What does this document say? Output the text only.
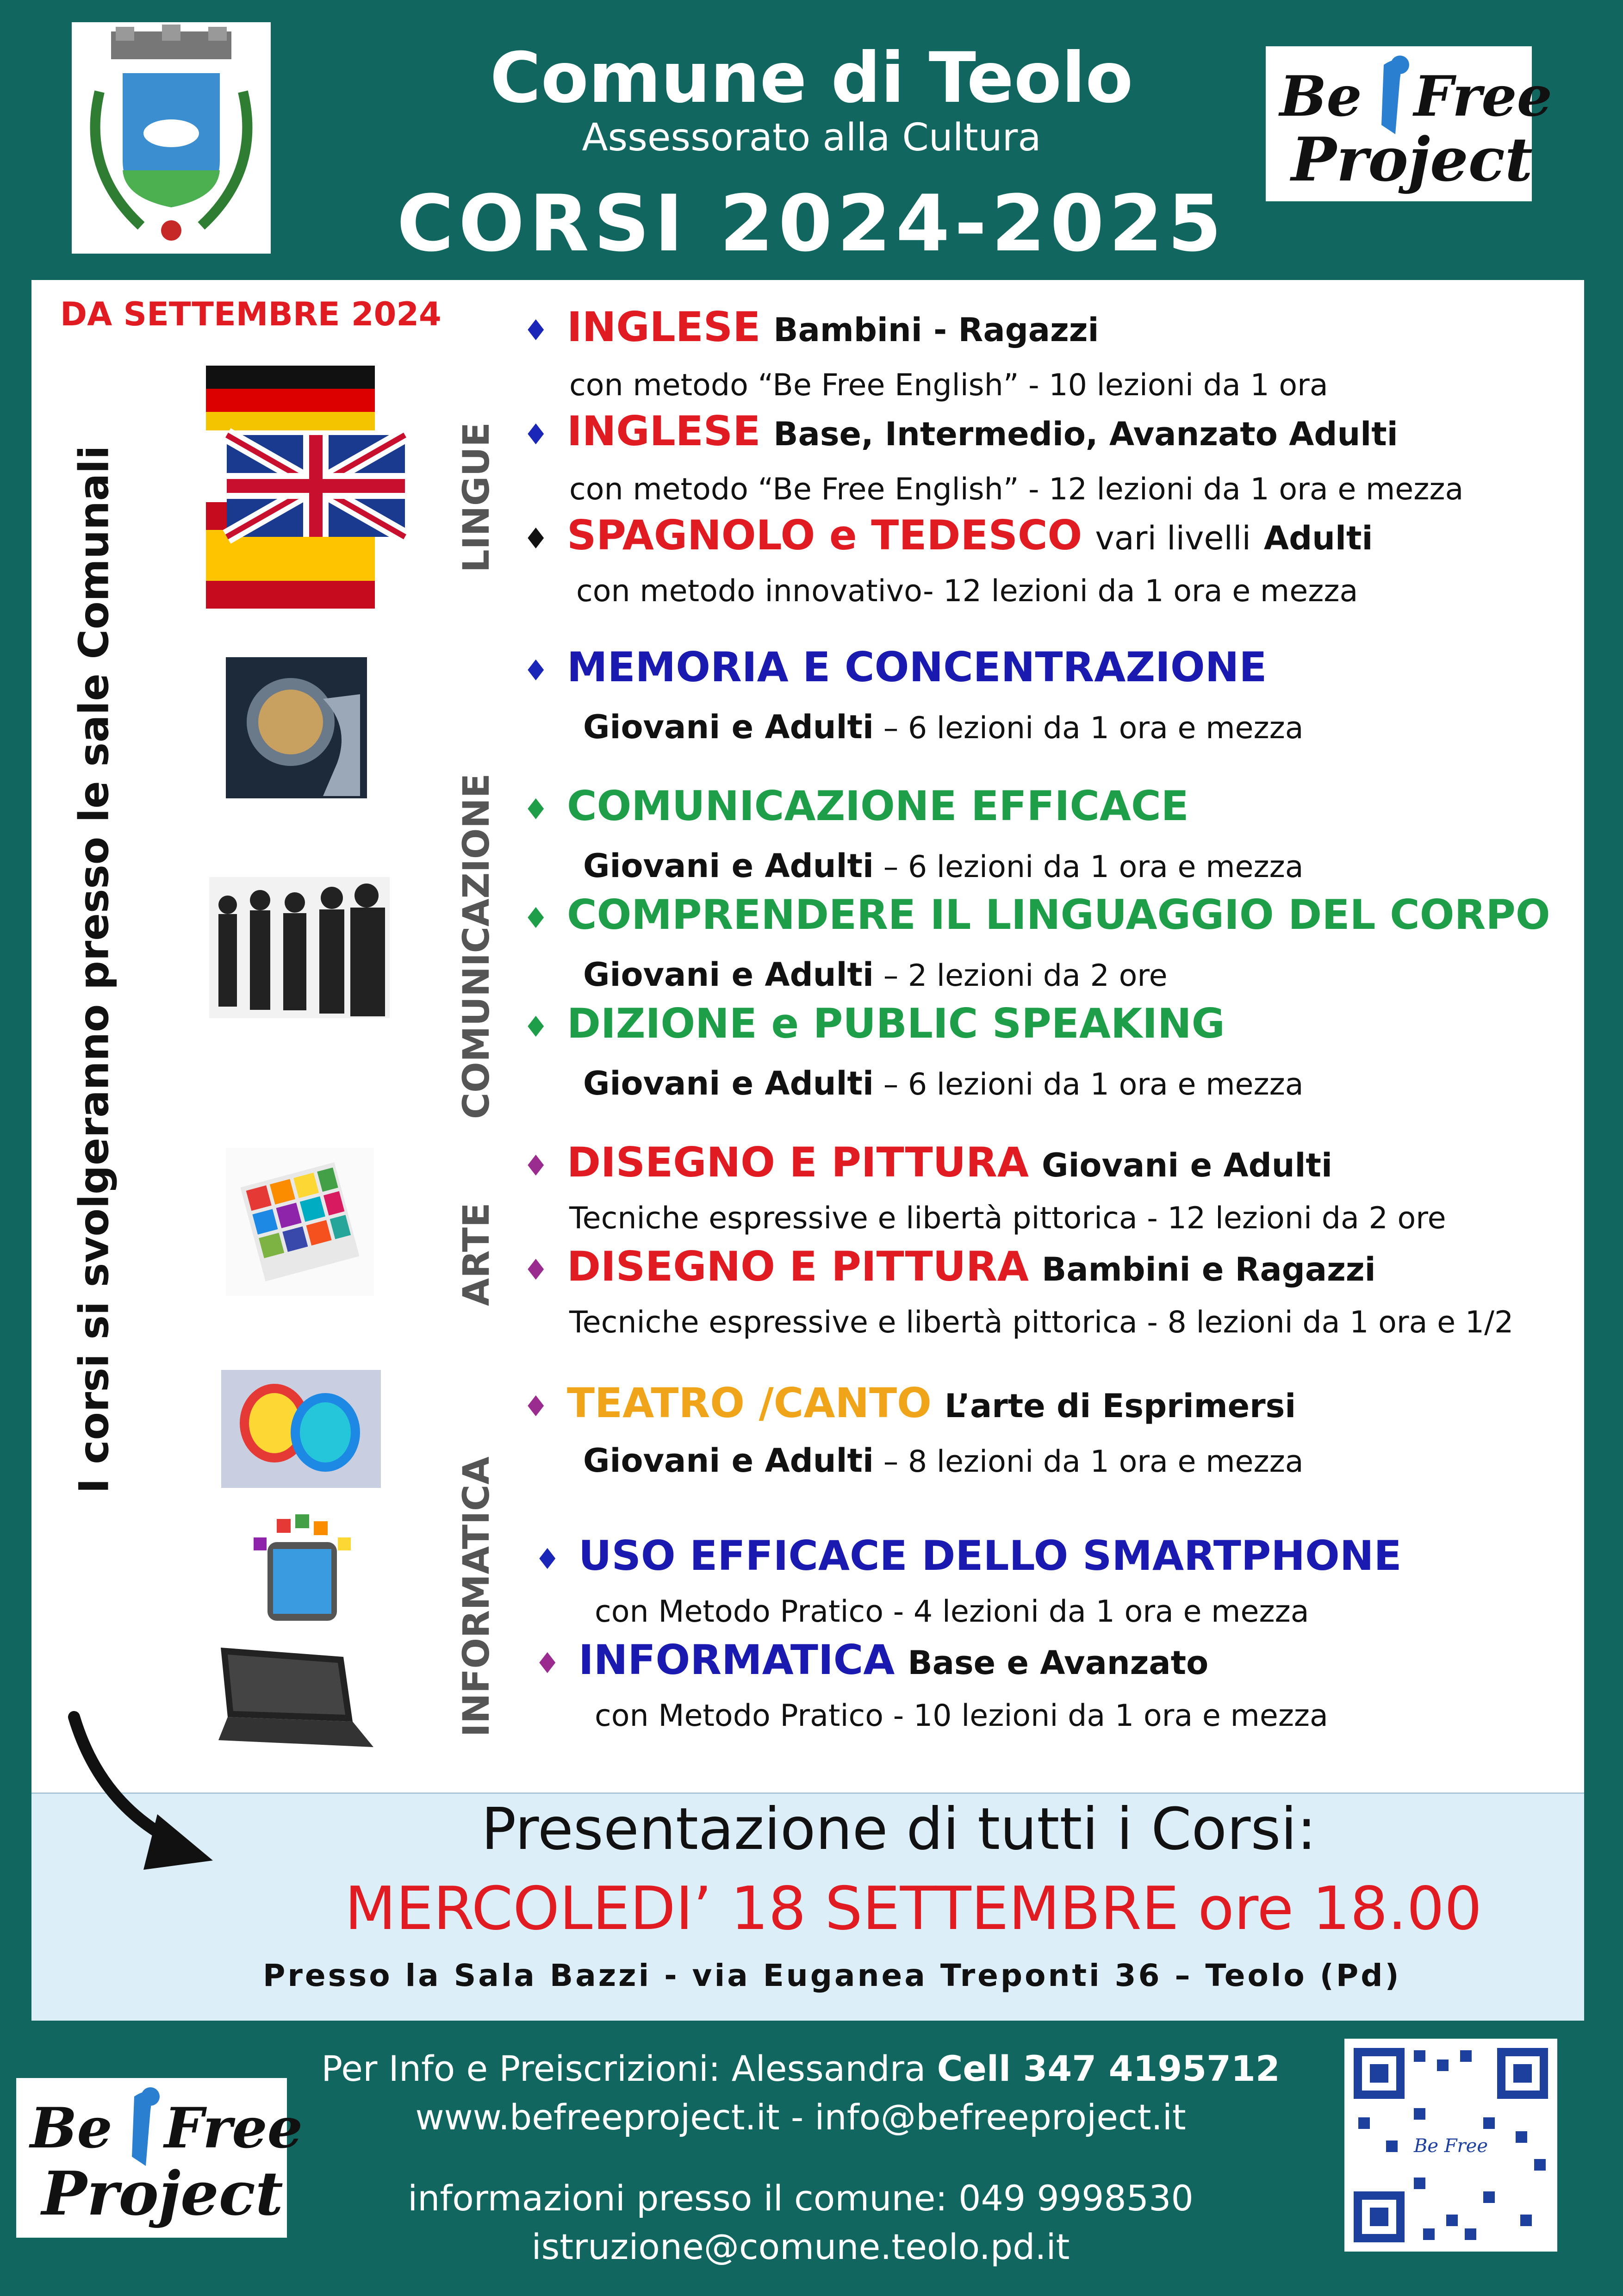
Comune di Teolo
Assessorato alla Cultura
CORSI 2024-2025
Be Free
Project
DA SETTEMBRE 2024
I corsi si svolgeranno presso le sale Comunali	LINGUE
COMUNICAZIONE
ARTE
INFORMATICA
♦ INGLESE Bambini - Ragazzi
con metodo “Be Free English” - 10 lezioni da 1 ora
♦ INGLESE Base, Intermedio, Avanzato Adulti
con metodo “Be Free English” - 12 lezioni da 1 ora e mezza
♦ SPAGNOLO e TEDESCO vari livelli Adulti
con metodo innovativo- 12 lezioni da 1 ora e mezza
♦ MEMORIA E CONCENTRAZIONE
Giovani e Adulti – 6 lezioni da 1 ora e mezza
♦ COMUNICAZIONE EFFICACE
Giovani e Adulti – 6 lezioni da 1 ora e mezza
♦ COMPRENDERE IL LINGUAGGIO DEL CORPO
Giovani e Adulti – 2 lezioni da 2 ore
♦ DIZIONE e PUBLIC SPEAKING
Giovani e Adulti – 6 lezioni da 1 ora e mezza
♦ DISEGNO E PITTURA Giovani e Adulti
Tecniche espressive e libertà pittorica - 12 lezioni da 2 ore
♦ DISEGNO E PITTURA Bambini e Ragazzi
Tecniche espressive e libertà pittorica - 8 lezioni da 1 ora e 1/2
♦ TEATRO /CANTO L’arte di Esprimersi
Giovani e Adulti – 8 lezioni da 1 ora e mezza
♦ USO EFFICACE DELLO SMARTPHONE
con Metodo Pratico - 4 lezioni da 1 ora e mezza
♦ INFORMATICA Base e Avanzato
con Metodo Pratico - 10 lezioni da 1 ora e mezza
Presentazione di tutti i Corsi:
MERCOLEDI’ 18 SETTEMBRE ore 18.00
Presso la Sala Bazzi - via Euganea Treponti 36 – Teolo (Pd)
Be Free
Project
Per Info e Preiscrizioni: Alessandra Cell 347 4195712
www.befreeproject.it - info@befreeproject.it
informazioni presso il comune: 049 9998530
istruzione@comune.teolo.pd.it
Be Free
